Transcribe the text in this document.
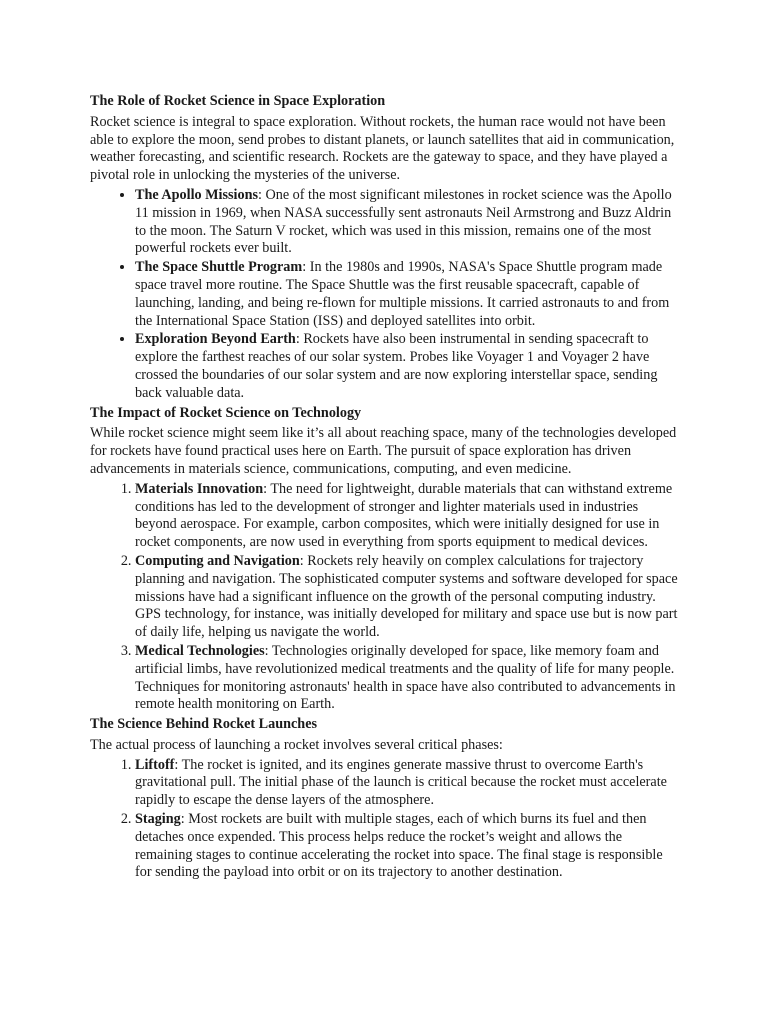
The Role of Rocket Science in Space Exploration

Rocket science is integral to space exploration. Without rockets, the human race would not have been able to explore the moon, send probes to distant planets, or launch satellites that aid in communication, weather forecasting, and scientific research. Rockets are the gateway to space, and they have played a pivotal role in unlocking the mysteries of the universe.

• The Apollo Missions: One of the most significant milestones in rocket science was the Apollo 11 mission in 1969, when NASA successfully sent astronauts Neil Armstrong and Buzz Aldrin to the moon. The Saturn V rocket, which was used in this mission, remains one of the most powerful rockets ever built.
• The Space Shuttle Program: In the 1980s and 1990s, NASA's Space Shuttle program made space travel more routine. The Space Shuttle was the first reusable spacecraft, capable of launching, landing, and being re-flown for multiple missions. It carried astronauts to and from the International Space Station (ISS) and deployed satellites into orbit.
• Exploration Beyond Earth: Rockets have also been instrumental in sending spacecraft to explore the farthest reaches of our solar system. Probes like Voyager 1 and Voyager 2 have crossed the boundaries of our solar system and are now exploring interstellar space, sending back valuable data.
The Impact of Rocket Science on Technology

While rocket science might seem like it’s all about reaching space, many of the technologies developed for rockets have found practical uses here on Earth. The pursuit of space exploration has driven advancements in materials science, communications, computing, and even medicine.

1. Materials Innovation: The need for lightweight, durable materials that can withstand extreme conditions has led to the development of stronger and lighter materials used in industries beyond aerospace. For example, carbon composites, which were initially designed for use in rocket components, are now used in everything from sports equipment to medical devices.
2. Computing and Navigation: Rockets rely heavily on complex calculations for trajectory planning and navigation. The sophisticated computer systems and software developed for space missions have had a significant influence on the growth of the personal computing industry. GPS technology, for instance, was initially developed for military and space use but is now part of daily life, helping us navigate the world.
3. Medical Technologies: Technologies originally developed for space, like memory foam and artificial limbs, have revolutionized medical treatments and the quality of life for many people. Techniques for monitoring astronauts' health in space have also contributed to advancements in remote health monitoring on Earth.
The Science Behind Rocket Launches

The actual process of launching a rocket involves several critical phases:

1. Liftoff: The rocket is ignited, and its engines generate massive thrust to overcome Earth's gravitational pull. The initial phase of the launch is critical because the rocket must accelerate rapidly to escape the dense layers of the atmosphere.
2. Staging: Most rockets are built with multiple stages, each of which burns its fuel and then detaches once expended. This process helps reduce the rocket’s weight and allows the remaining stages to continue accelerating the rocket into space. The final stage is responsible for sending the payload into orbit or on its trajectory to another destination.
